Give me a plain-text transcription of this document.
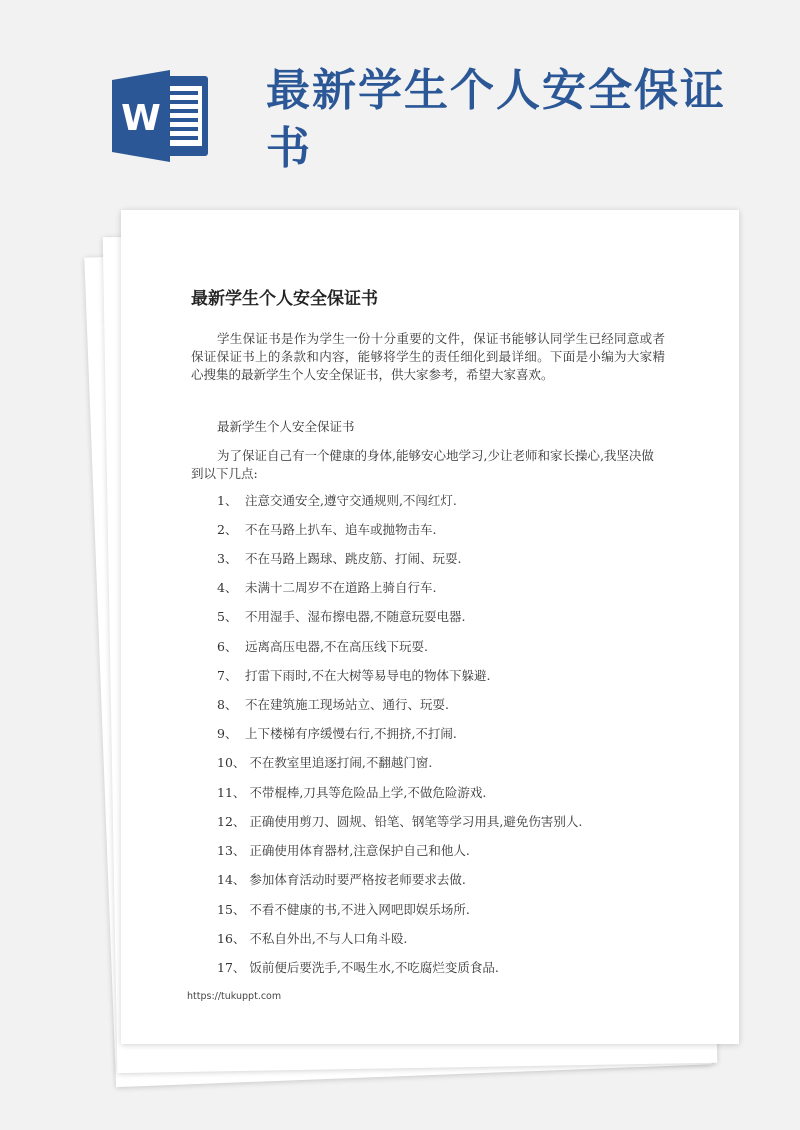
W
最新学生个人安全保证书
最新学生个人安全保证书

学生保证书是作为学生一份十分重要的文件，保证书能够认同学生已经同意或者保证保证书上的条款和内容，能够将学生的责任细化到最详细。下面是小编为大家精心搜集的最新学生个人安全保证书，供大家参考，希望大家喜欢。

最新学生个人安全保证书

为了保证自己有一个健康的身体,能够安心地学习,少让老师和家长操心,我坚决做到以下几点:

1、 注意交通安全,遵守交通规则,不闯红灯.
2、 不在马路上扒车、追车或抛物击车.
3、 不在马路上踢球、跳皮筋、打闹、玩耍.
4、 未满十二周岁不在道路上骑自行车.
5、 不用湿手、湿布擦电器,不随意玩耍电器.
6、 远离高压电器,不在高压线下玩耍.
7、 打雷下雨时,不在大树等易导电的物体下躲避.
8、 不在建筑施工现场站立、通行、玩耍.
9、 上下楼梯有序缓慢右行,不拥挤,不打闹.
10、 不在教室里追逐打闹,不翻越门窗.
11、 不带棍棒,刀具等危险品上学,不做危险游戏.
12、 正确使用剪刀、圆规、铅笔、钢笔等学习用具,避免伤害别人.
13、 正确使用体育器材,注意保护自己和他人.
14、 参加体育活动时要严格按老师要求去做.
15、 不看不健康的书,不进入网吧即娱乐场所.
16、 不私自外出,不与人口角斗殴.
17、 饭前便后要洗手,不喝生水,不吃腐烂变质食品.
https://tukuppt.com
